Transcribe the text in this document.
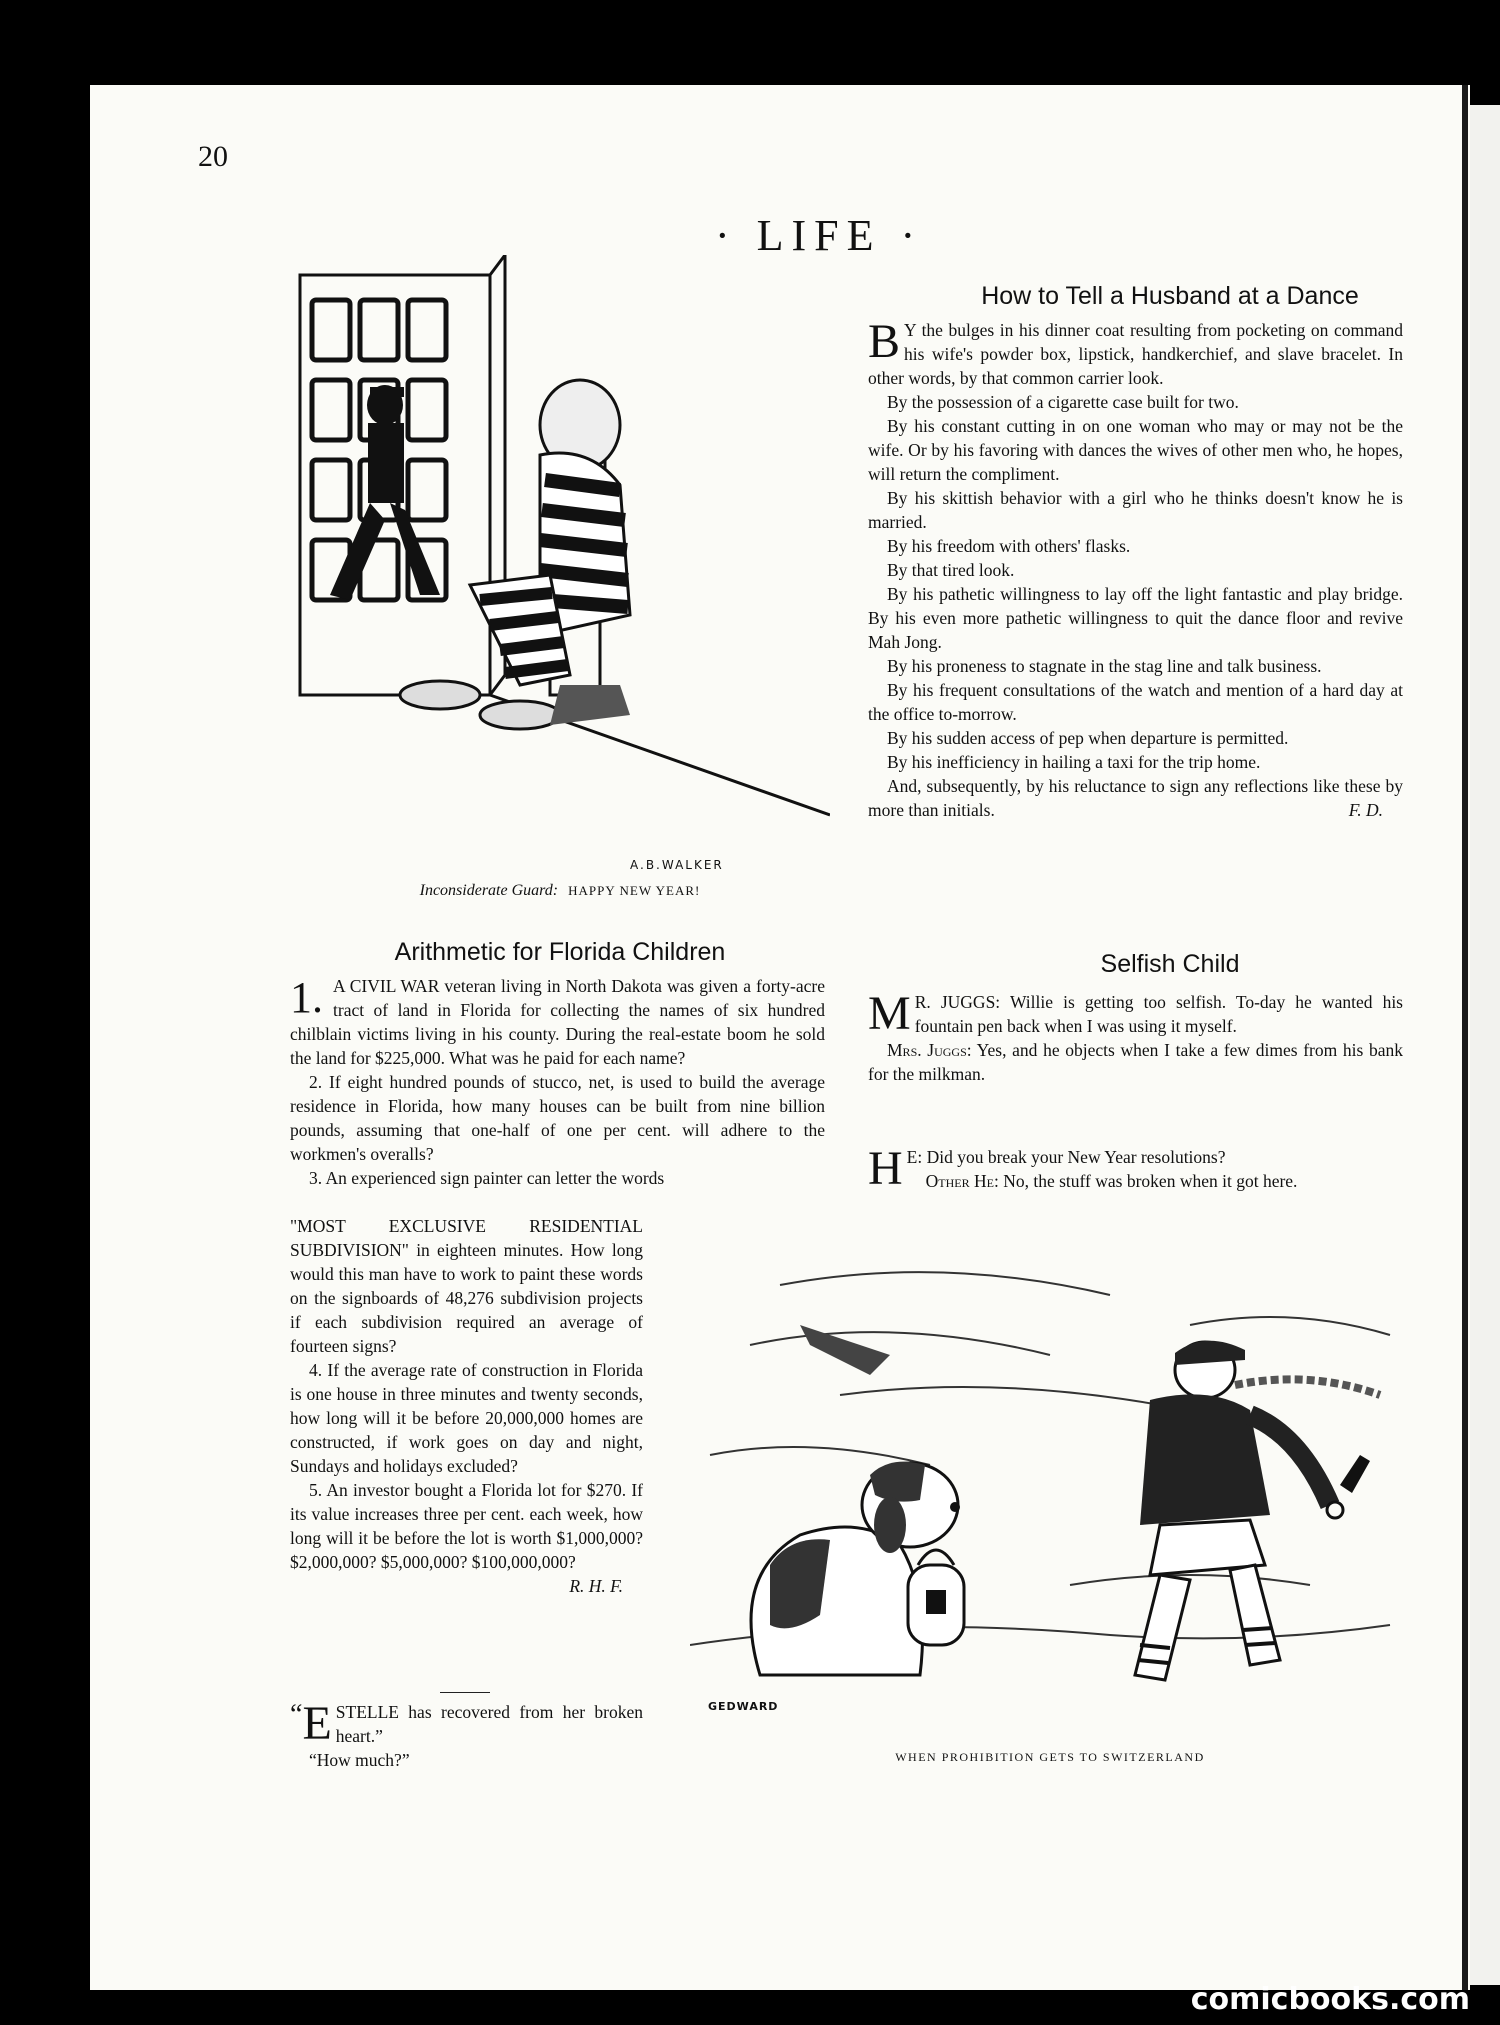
20
· LIFE ·
A.B.WALKER
Inconsiderate Guard: HAPPY NEW YEAR!
How to Tell a Husband at a Dance

B Y the bulges in his dinner coat resulting from pocketing on command his wife's powder box, lipstick, handkerchief, and slave bracelet. In other words, by that common carrier look.

By the possession of a cigarette case built for two.

By his constant cutting in on one woman who may or may not be the wife. Or by his favoring with dances the wives of other men who, he hopes, will return the compliment.

By his skittish behavior with a girl who he thinks doesn't know he is married.

By his freedom with others' flasks.

By that tired look.

By his pathetic willingness to lay off the light fantastic and play bridge. By his even more pathetic willingness to quit the dance floor and revive Mah Jong.

By his proneness to stagnate in the stag line and talk business.

By his frequent consultations of the watch and mention of a hard day at the office to-morrow.

By his sudden access of pep when departure is permitted.

By his inefficiency in hailing a taxi for the trip home.

And, subsequently, by his reluctance to sign any reflections like these by more than initials.	F. D.

Selfish Child

M R. JUGGS: Willie is getting too selfish. To-day he wanted his fountain pen back when I was using it myself.

Mrs. Juggs: Yes, and he objects when I take a few dimes from his bank for the milkman.

H E: Did you break your New Year resolutions?

Other He: No, the stuff was broken when it got here.

Arithmetic for Florida Children

1. A CIVIL WAR veteran living in North Dakota was given a forty-acre tract of land in Florida for collecting the names of six hundred chilblain victims living in his county. During the real-estate boom he sold the land for $225,000. What was he paid for each name?

2. If eight hundred pounds of stucco, net, is used to build the average residence in Florida, how many houses can be built from nine billion pounds, assuming that one-half of one per cent. will adhere to the workmen's overalls?

3. An experienced sign painter can letter the words

"MOST EXCLUSIVE RESIDENTIAL SUBDIVISION" in eighteen minutes. How long would this man have to work to paint these words on the signboards of 48,276 subdivision projects if each subdivision required an average of fourteen signs?

4. If the average rate of construction in Florida is one house in three minutes and twenty seconds, how long will it be before 20,000,000 homes are constructed, if work goes on day and night, Sundays and holidays excluded?

5. An investor bought a Florida lot for $270. If its value increases three per cent. each week, how long will it be before the lot is worth $1,000,000? $2,000,000? $5,000,000? $100,000,000?

R. H. F.

“ E STELLE has recovered from her broken heart.”

“How much?”

GEDWARD
WHEN PROHIBITION GETS TO SWITZERLAND
comicbooks.com
